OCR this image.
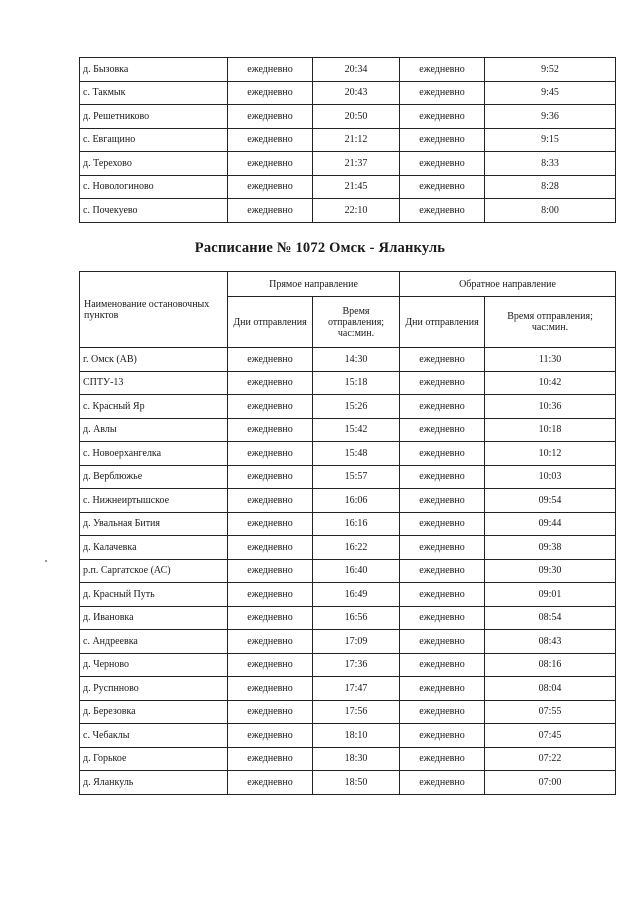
д. Бызовка	ежедневно	20:34	ежедневно	9:52
с. Такмык	ежедневно	20:43	ежедневно	9:45
д. Решетниково	ежедневно	20:50	ежедневно	9:36
с. Евгащино	ежедневно	21:12	ежедневно	9:15
д. Терехово	ежедневно	21:37	ежедневно	8:33
с. Новологиново	ежедневно	21:45	ежедневно	8:28
с. Почекуево	ежедневно	22:10	ежедневно	8:00
Расписание № 1072 Омск - Яланкуль
Наименование остановочных пунктов	Прямое направление		Обратное направление	
	Дни отправления	Время отправления; час:мин.	Дни отправления	Время отправления; час:мин.
г. Омск (АВ)	ежедневно	14:30	ежедневно	11:30
СПТУ-13	ежедневно	15:18	ежедневно	10:42
с. Красный Яр	ежедневно	15:26	ежедневно	10:36
д. Авлы	ежедневно	15:42	ежедневно	10:18
с. Новоерхангелка	ежедневно	15:48	ежедневно	10:12
д. Верблюжье	ежедневно	15:57	ежедневно	10:03
с. Нижнеиртышское	ежедневно	16:06	ежедневно	09:54
д. Увальная Бития	ежедневно	16:16	ежедневно	09:44
д. Калачевка	ежедневно	16:22	ежедневно	09:38
р.п. Саргатское (АС)	ежедневно	16:40	ежедневно	09:30
д. Красный Путь	ежедневно	16:49	ежедневно	09:01
д. Ивановка	ежедневно	16:56	ежедневно	08:54
с. Андреевка	ежедневно	17:09	ежедневно	08:43
д. Черново	ежедневно	17:36	ежедневно	08:16
д. Руспнново	ежедневно	17:47	ежедневно	08:04
д. Березовка	ежедневно	17:56	ежедневно	07:55
с. Чебаклы	ежедневно	18:10	ежедневно	07:45
д. Горькое	ежедневно	18:30	ежедневно	07:22
д. Яланкуль	ежедневно	18:50	ежедневно	07:00
